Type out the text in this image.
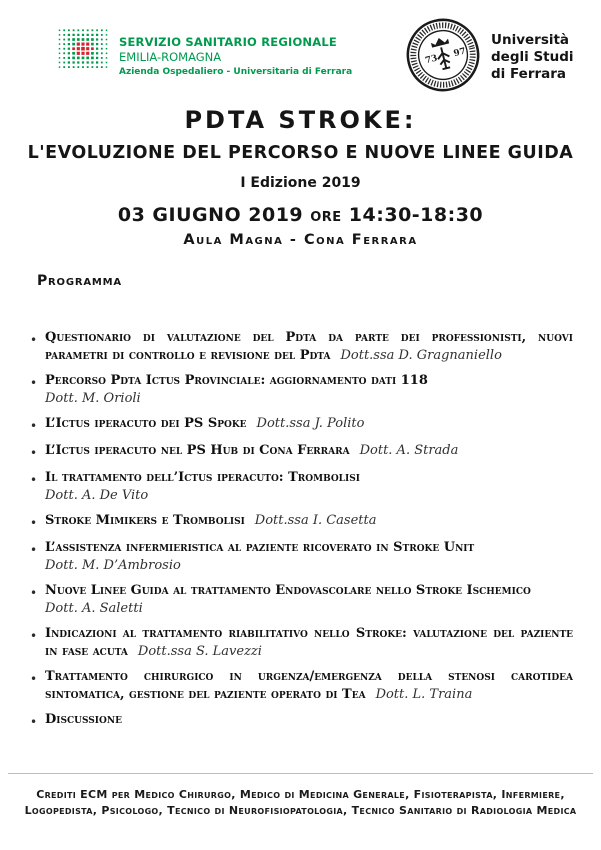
SERVIZIO SANITARIO REGIONALE
EMILIA-ROMAGNA
Azienda Ospedaliero - Universitaria di Ferrara
73
97
Università
degli Studi
di Ferrara
PDTA STROKE:
L'EVOLUZIONE DEL PERCORSO E NUOVE LINEE GUIDA
I Edizione 2019
03 GIUGNO 2019 ore 14:30-18:30
Aula Magna - Cona Ferrara
Programma
•
Questionario di valutazione del Pdta da parte dei professionisti, nuovi parametri di controllo e revisione del Pdta Dott.ssa D. Gragnaniello
•
Percorso Pdta Ictus Provinciale: aggiornamento dati 118
Dott. M. Orioli
•
L’Ictus iperacuto dei PS Spoke Dott.ssa J. Polito
•
L’Ictus iperacuto nel PS Hub di Cona Ferrara Dott. A. Strada
•
Il trattamento dell’Ictus iperacuto: Trombolisi
Dott. A. De Vito
•
Stroke Mimikers e Trombolisi Dott.ssa I. Casetta
•
L’assistenza infermieristica al paziente ricoverato in Stroke Unit
Dott. M. D’Ambrosio
•
Nuove Linee Guida al trattamento Endovascolare nello Stroke Ischemico
Dott. A. Saletti
•
Indicazioni al trattamento riabilitativo nello Stroke: valutazione del paziente in fase acuta Dott.ssa S. Lavezzi
•
Trattamento chirurgico in urgenza/emergenza della stenosi carotidea sintomatica, gestione del paziente operato di Tea Dott. L. Traina
•
Discussione
Crediti ECM per Medico Chirurgo, Medico di Medicina Generale, Fisioterapista, Infermiere,
Logopedista, Psicologo, Tecnico di Neurofisiopatologia, Tecnico Sanitario di Radiologia Medica
